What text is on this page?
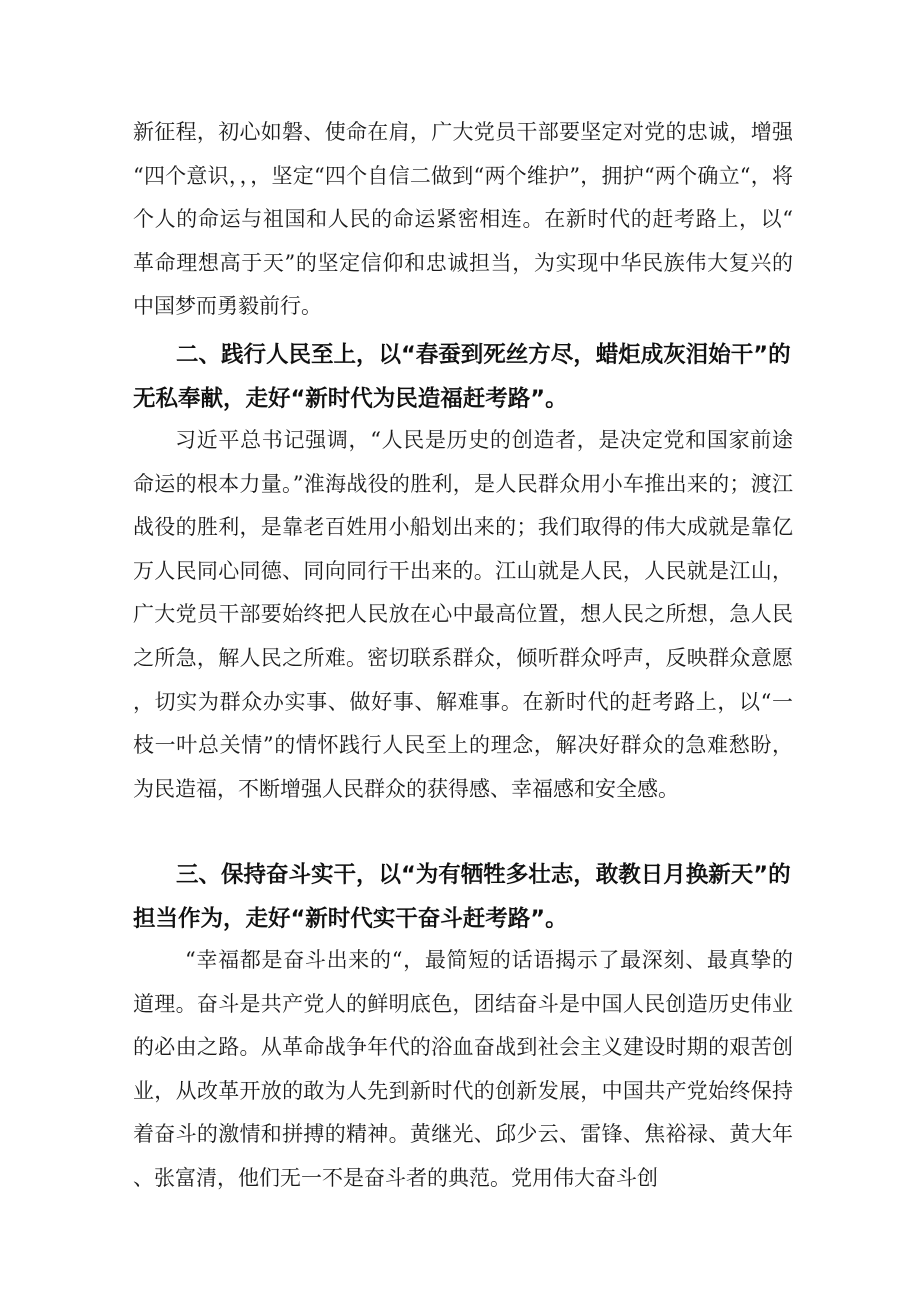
新征程，初心如磐、使命在肩，广大党员干部要坚定对党的忠诚，增强“四个意识，，，坚定“四个自信二做到“两个维护”，拥护“两个确立“，将个人的命运与祖国和人民的命运紧密相连。在新时代的赶考路上，以“革命理想高于天”的坚定信仰和忠诚担当，为实现中华民族伟大复兴的中国梦而勇毅前行。

二、践行人民至上，以“春蚕到死丝方尽，蜡炬成灰泪始干”的无私奉献，走好“新时代为民造福赶考路”。

习近平总书记强调，“人民是历史的创造者，是决定党和国家前途命运的根本力量。”淮海战役的胜利，是人民群众用小车推出来的；渡江战役的胜利，是靠老百姓用小船划出来的；我们取得的伟大成就是靠亿万人民同心同德、同向同行干出来的。江山就是人民，人民就是江山，广大党员干部要始终把人民放在心中最高位置，想人民之所想，急人民之所急，解人民之所难。密切联系群众，倾听群众呼声，反映群众意愿，切实为群众办实事、做好事、解难事。在新时代的赶考路上，以“一枝一叶总关情”的情怀践行人民至上的理念，解决好群众的急难愁盼，为民造福，不断增强人民群众的获得感、幸福感和安全感。

三、保持奋斗实干，以“为有牺牲多壮志，敢教日月换新天”的担当作为，走好“新时代实干奋斗赶考路”。

“幸福都是奋斗出来的“，最简短的话语揭示了最深刻、最真挚的道理。奋斗是共产党人的鲜明底色，团结奋斗是中国人民创造历史伟业的必由之路。从革命战争年代的浴血奋战到社会主义建设时期的艰苦创业，从改革开放的敢为人先到新时代的创新发展，中国共产党始终保持着奋斗的激情和拼搏的精神。黄继光、邱少云、雷锋、焦裕禄、黄大年、张富清，他们无一不是奋斗者的典范。党用伟大奋斗创
